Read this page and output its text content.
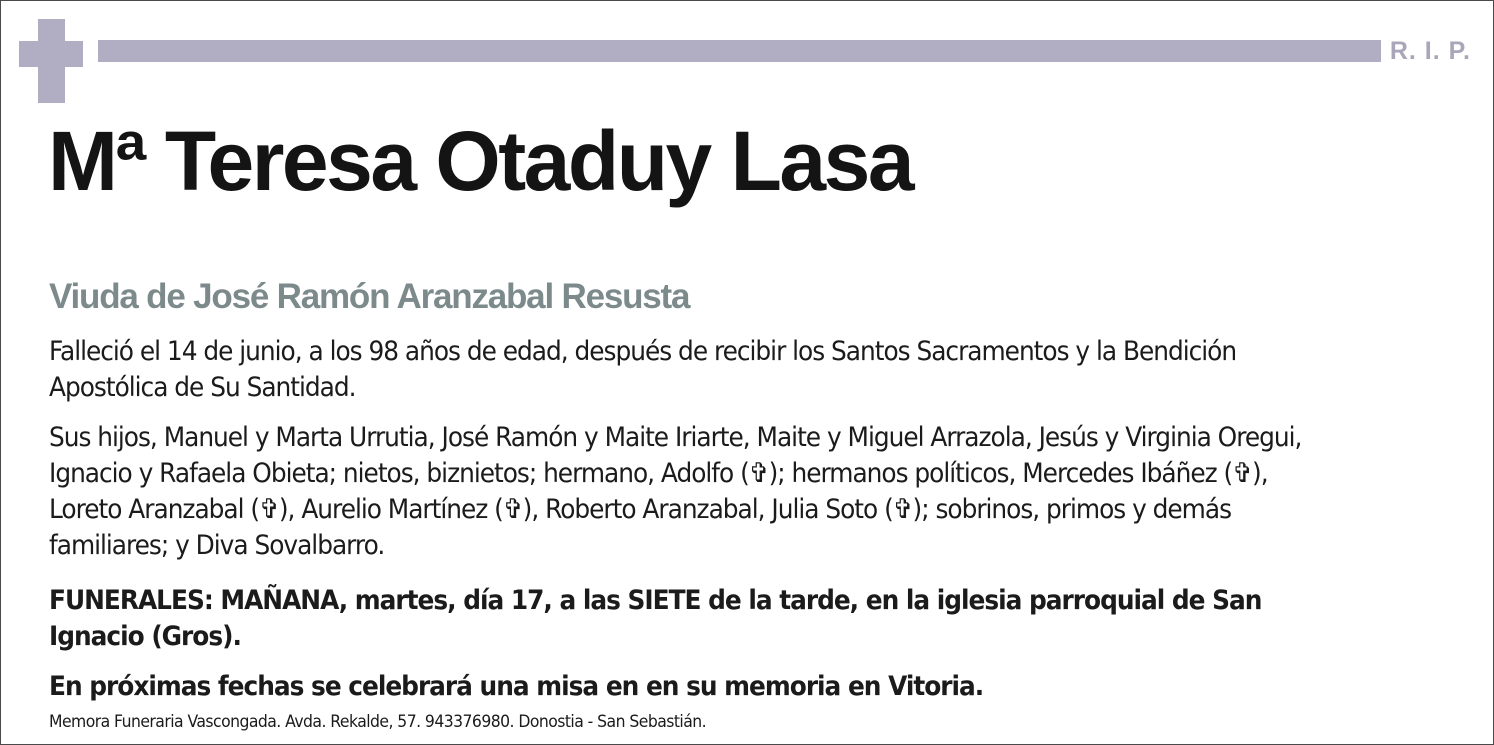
R. I. P.
Mª Teresa Otaduy Lasa
Viuda de José Ramón Aranzabal Resusta

Falleció el 14 de junio, a los 98 años de edad, después de recibir los Santos Sacramentos y la Bendición Apostólica de Su Santidad.

Sus hijos, Manuel y Marta Urrutia, José Ramón y Maite Iriarte, Maite y Miguel Arrazola, Jesús y Virginia Oregui, Ignacio y Rafaela Obieta; nietos, biznietos; hermano, Adolfo (✞); hermanos políticos, Mercedes Ibáñez (✞), Loreto Aranzabal (✞), Aurelio Martínez (✞), Roberto Aranzabal, Julia Soto (✞); sobrinos, primos y demás familiares; y Diva Sovalbarro.

FUNERALES: MAÑANA, martes, día 17, a las SIETE de la tarde, en la iglesia parroquial de San Ignacio (Gros).

En próximas fechas se celebrará una misa en en su memoria en Vitoria.

Memora Funeraria Vascongada. Avda. Rekalde, 57. 943376980. Donostia - San Sebastián.
